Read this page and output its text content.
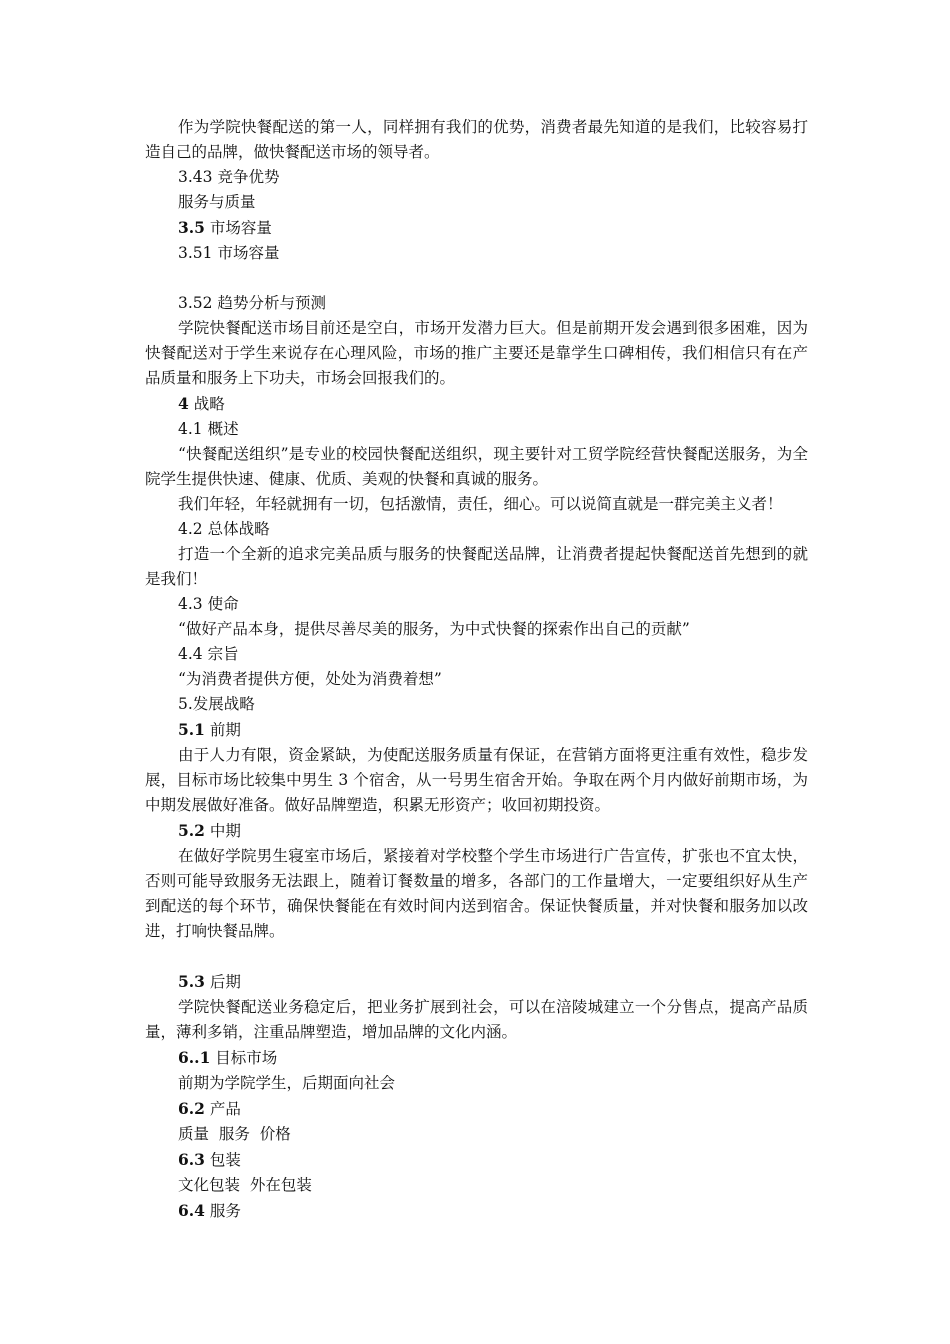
作为学院快餐配送的第一人，同样拥有我们的优势，消费者最先知道的是我们，比较容易打造自己的品牌，做快餐配送市场的领导者。

3.43 竞争优势

服务与质量

3.5 市场容量

3.51 市场容量

3.52 趋势分析与预测

学院快餐配送市场目前还是空白，市场开发潜力巨大。但是前期开发会遇到很多困难，因为快餐配送对于学生来说存在心理风险，市场的推广主要还是靠学生口碑相传，我们相信只有在产品质量和服务上下功夫，市场会回报我们的。

4 战略

4.1 概述

“快餐配送组织”是专业的校园快餐配送组织，现主要针对工贸学院经营快餐配送服务，为全院学生提供快速、健康、优质、美观的快餐和真诚的服务。

我们年轻，年轻就拥有一切，包括激情，责任，细心。可以说简直就是一群完美主义者！

4.2 总体战略

打造一个全新的追求完美品质与服务的快餐配送品牌，让消费者提起快餐配送首先想到的就是我们！

4.3 使命

“做好产品本身，提供尽善尽美的服务，为中式快餐的探索作出自己的贡献”

4.4 宗旨

“为消费者提供方便，处处为消费着想”

5.发展战略

5.1 前期

由于人力有限，资金紧缺，为使配送服务质量有保证，在营销方面将更注重有效性，稳步发展，目标市场比较集中男生 3 个宿舍，从一号男生宿舍开始。争取在两个月内做好前期市场，为中期发展做好准备。做好品牌塑造，积累无形资产；收回初期投资。

5.2 中期

在做好学院男生寝室市场后，紧接着对学校整个学生市场进行广告宣传，扩张也不宜太快，否则可能导致服务无法跟上，随着订餐数量的增多，各部门的工作量增大，一定要组织好从生产到配送的每个环节，确保快餐能在有效时间内送到宿舍。保证快餐质量，并对快餐和服务加以改进，打响快餐品牌。

5.3 后期

学院快餐配送业务稳定后，把业务扩展到社会，可以在涪陵城建立一个分售点，提高产品质量，薄利多销，注重品牌塑造，增加品牌的文化内涵。

6..1 目标市场

前期为学院学生，后期面向社会

6.2 产品

质量  服务  价格

6.3 包装

文化包装  外在包装

6.4 服务
